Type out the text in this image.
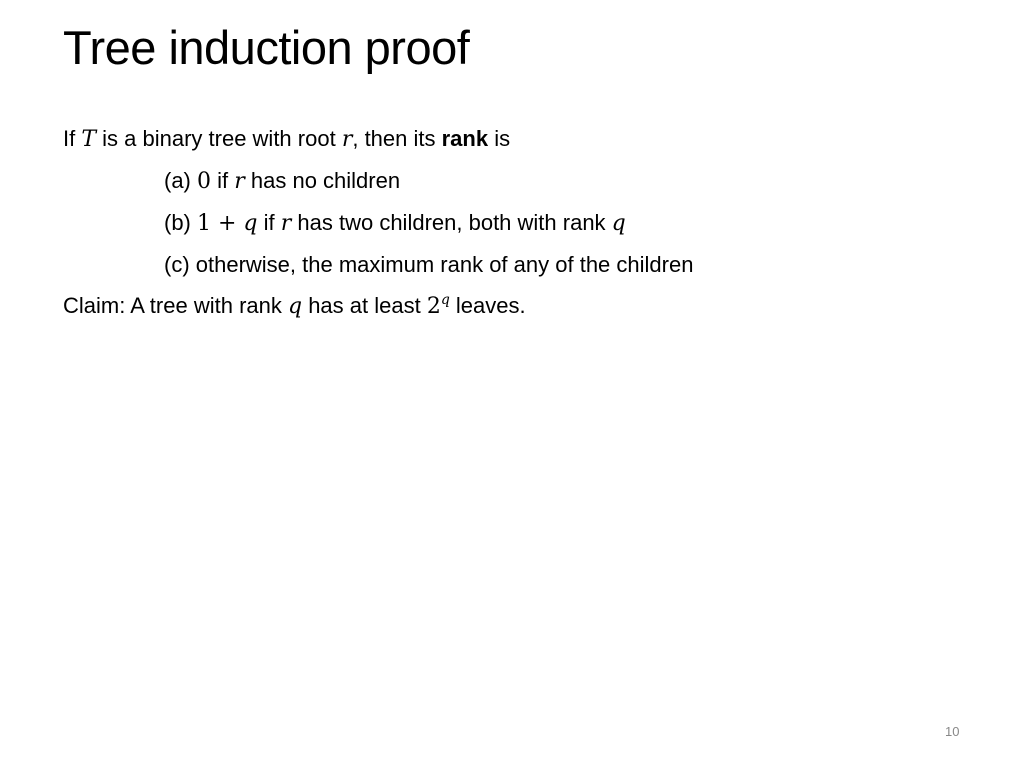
Tree induction proof
If T is a binary tree with root r, then its rank is
(a) 0 if r has no children
(b) 1 + q if r has two children, both with rank q
(c) otherwise, the maximum rank of any of the children
Claim: A tree with rank q has at least 2$^q$ leaves.
10
